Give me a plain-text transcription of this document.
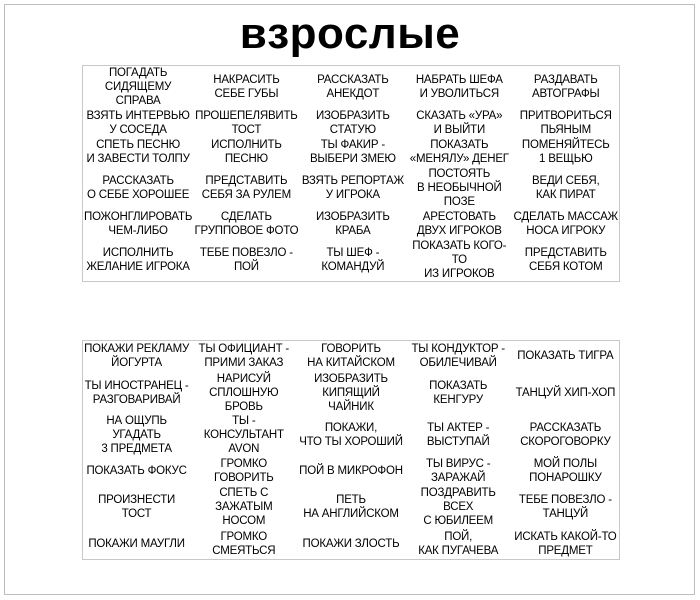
взрослые
ПОГАДАТЬ
СИДЯЩЕМУ СПРАВА
НАКРАСИТЬ
СЕБЕ ГУБЫ
РАССКАЗАТЬ
АНЕКДОТ
НАБРАТЬ ШЕФА
И УВОЛИТЬСЯ
РАЗДАВАТЬ
АВТОГРАФЫ
ВЗЯТЬ ИНТЕРВЬЮ
У СОСЕДА
ПРОШЕПЕЛЯВИТЬ
ТОСТ
ИЗОБРАЗИТЬ
СТАТУЮ
СКАЗАТЬ «УРА»
И ВЫЙТИ
ПРИТВОРИТЬСЯ
ПЬЯНЫМ
СПЕТЬ ПЕСНЮ
И ЗАВЕСТИ ТОЛПУ
ИСПОЛНИТЬ
ПЕСНЮ
ТЫ ФАКИР -
ВЫБЕРИ ЗМЕЮ
ПОКАЗАТЬ
«МЕНЯЛУ» ДЕНЕГ
ПОМЕНЯЙТЕСЬ
1 ВЕЩЬЮ
РАССКАЗАТЬ
О СЕБЕ ХОРОШЕЕ
ПРЕДСТАВИТЬ
СЕБЯ ЗА РУЛЕМ
ВЗЯТЬ РЕПОРТАЖ
У ИГРОКА
ПОСТОЯТЬ
В НЕОБЫЧНОЙ ПОЗЕ
ВЕДИ СЕБЯ,
КАК ПИРАТ
ПОЖОНГЛИРОВАТЬ
ЧЕМ-ЛИБО
СДЕЛАТЬ
ГРУППОВОЕ ФОТО
ИЗОБРАЗИТЬ
КРАБА
АРЕСТОВАТЬ
ДВУХ ИГРОКОВ
СДЕЛАТЬ МАССАЖ
НОСА ИГРОКУ
ИСПОЛНИТЬ
ЖЕЛАНИЕ ИГРОКА
ТЕБЕ ПОВЕЗЛО -
ПОЙ
ТЫ ШЕФ -
КОМАНДУЙ
ПОКАЗАТЬ КОГО-ТО
ИЗ ИГРОКОВ
ПРЕДСТАВИТЬ
СЕБЯ КОТОМ
ПОКАЖИ РЕКЛАМУ
ЙОГУРТА
ТЫ ОФИЦИАНТ -
ПРИМИ ЗАКАЗ
ГОВОРИТЬ
НА КИТАЙСКОМ
ТЫ КОНДУКТОР -
ОБИЛЕЧИВАЙ
ПОКАЗАТЬ ТИГРА
ТЫ ИНОСТРАНЕЦ -
РАЗГОВАРИВАЙ
НАРИСУЙ
СПЛОШНУЮ БРОВЬ
ИЗОБРАЗИТЬ
КИПЯЩИЙ ЧАЙНИК
ПОКАЗАТЬ
КЕНГУРУ
ТАНЦУЙ ХИП-ХОП
НА ОЩУПЬ УГАДАТЬ
3 ПРЕДМЕТА
ТЫ - КОНСУЛЬТАНТ
AVON
ПОКАЖИ,
ЧТО ТЫ ХОРОШИЙ
ТЫ АКТЕР -
ВЫСТУПАЙ
РАССКАЗАТЬ
СКОРОГОВОРКУ
ПОКАЗАТЬ ФОКУС
ГРОМКО
ГОВОРИТЬ
ПОЙ В МИКРОФОН
ТЫ ВИРУС -
ЗАРАЖАЙ
МОЙ ПОЛЫ
ПОНАРОШКУ
ПРОИЗНЕСТИ
ТОСТ
СПЕТЬ С ЗАЖАТЫМ
НОСОМ
ПЕТЬ
НА АНГЛИЙСКОМ
ПОЗДРАВИТЬ ВСЕХ
С ЮБИЛЕЕМ
ТЕБЕ ПОВЕЗЛО -
ТАНЦУЙ
ПОКАЖИ МАУГЛИ
ГРОМКО
СМЕЯТЬСЯ
ПОКАЖИ ЗЛОСТЬ
ПОЙ,
КАК ПУГАЧЕВА
ИСКАТЬ КАКОЙ-ТО
ПРЕДМЕТ
